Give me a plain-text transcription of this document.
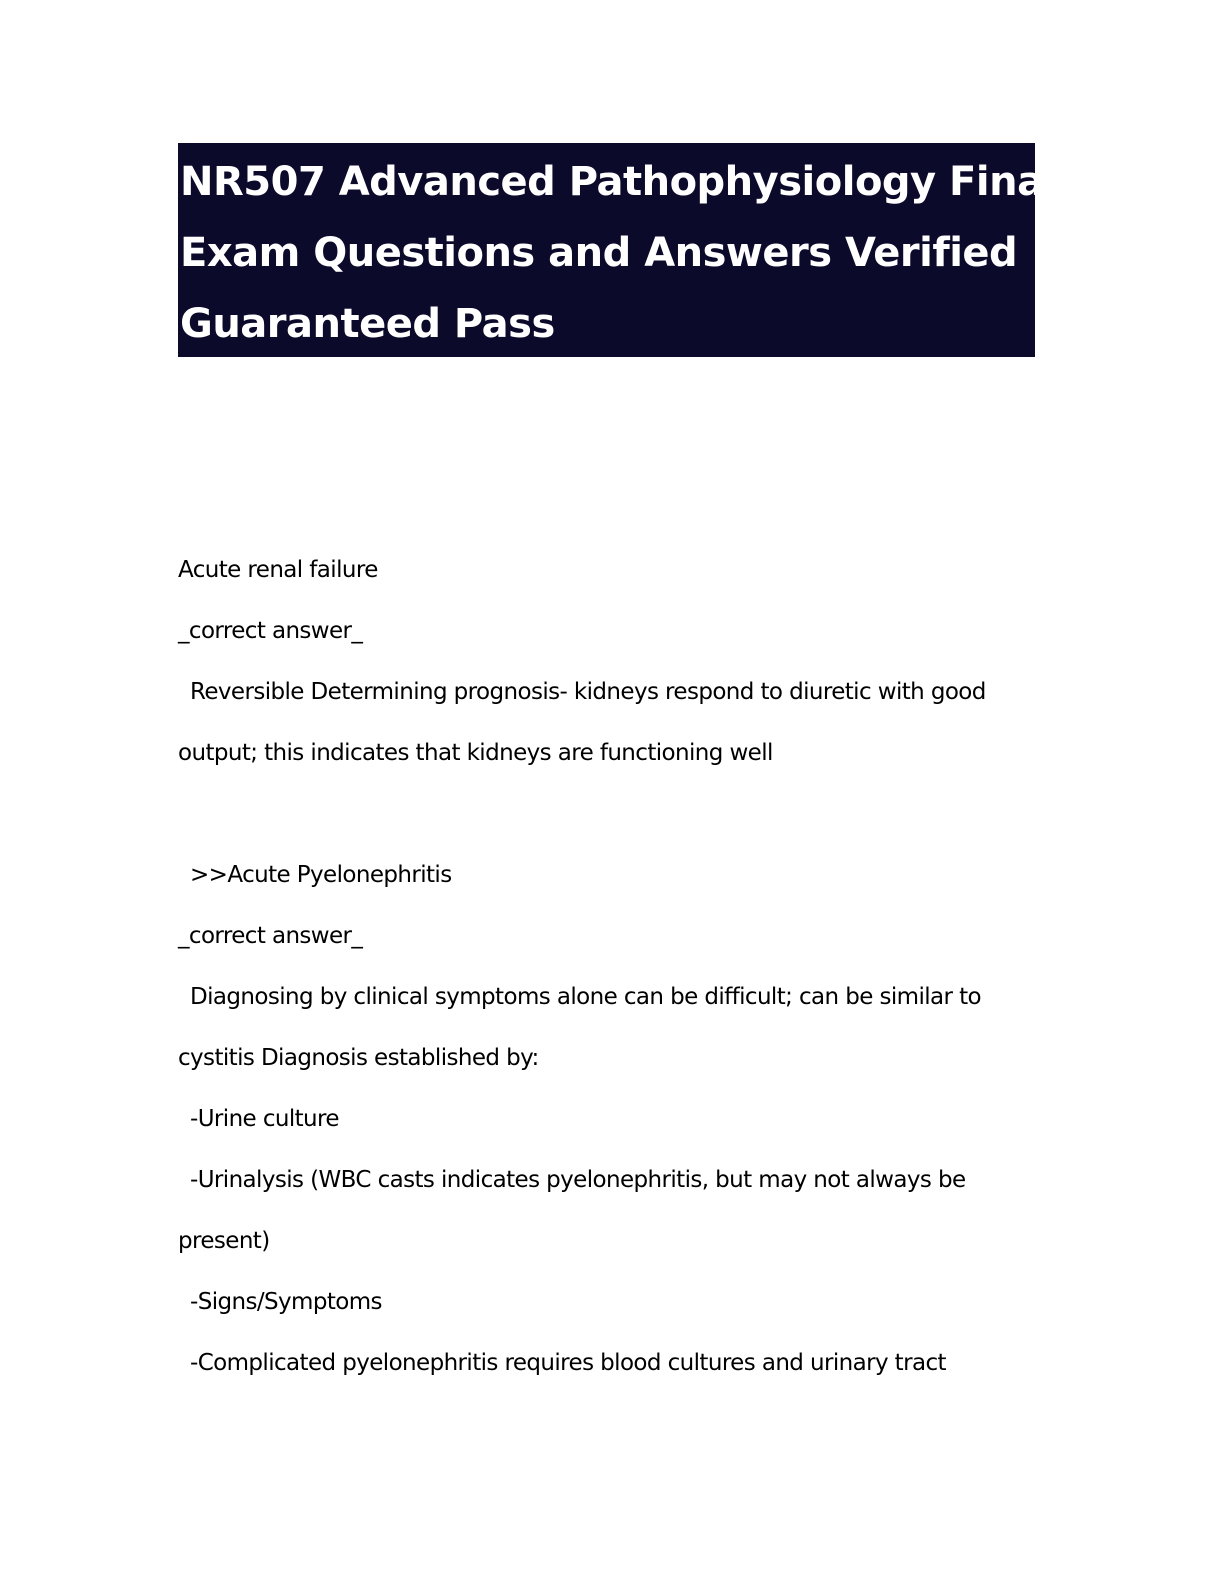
NR507 Advanced Pathophysiology Final
Exam Questions and Answers Verified
Guaranteed Pass
Acute renal failure
_correct answer_
Reversible Determining prognosis- kidneys respond to diuretic with good
output; this indicates that kidneys are functioning well
>>Acute Pyelonephritis
_correct answer_
Diagnosing by clinical symptoms alone can be difficult; can be similar to
cystitis Diagnosis established by:
-Urine culture
-Urinalysis (WBC casts indicates pyelonephritis, but may not always be
present)
-Signs/Symptoms
-Complicated pyelonephritis requires blood cultures and urinary tract
